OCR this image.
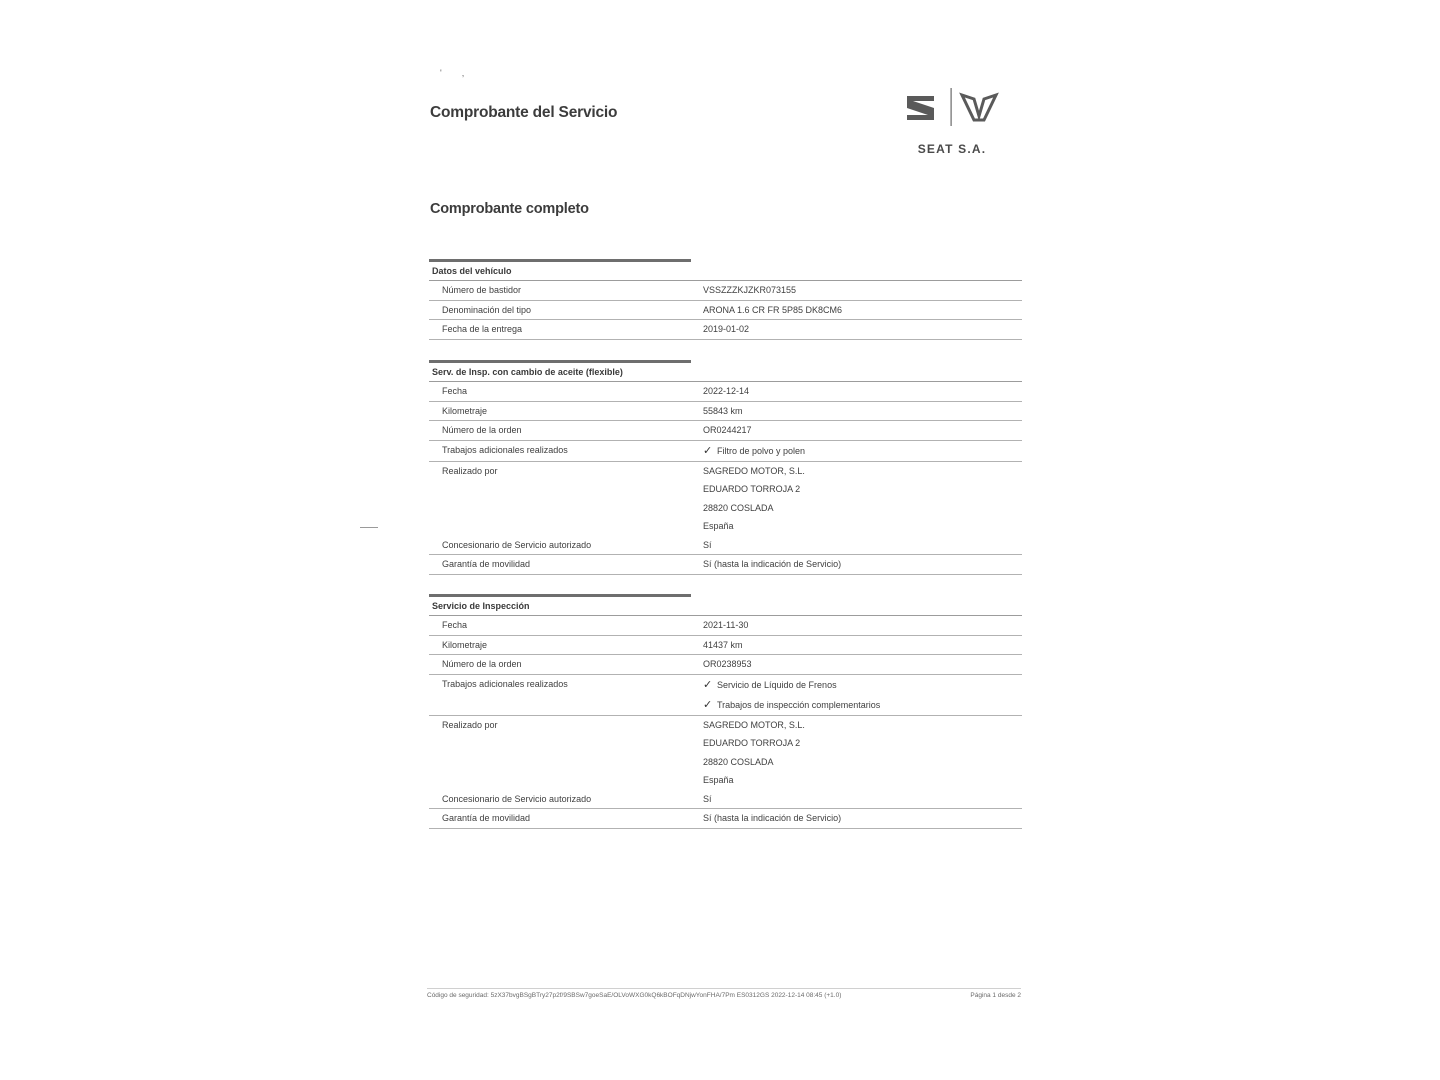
'        ,
Comprobante del Servicio
SEAT S.A.
Comprobante completo
Datos del vehículo
Número de bastidor	VSSZZZKJZKR073155
Denominación del tipo	ARONA 1.6 CR FR 5P85 DK8CM6
Fecha de la entrega	2019-01-02
Serv. de Insp. con cambio de aceite (flexible)
Fecha	2022-12-14
Kilometraje	55843 km
Número de la orden	OR0244217
Trabajos adicionales realizados	✓ Filtro de polvo y polen
Realizado por	SAGREDO MOTOR, S.L.
EDUARDO TORROJA 2
28820 COSLADA
España
Concesionario de Servicio autorizado	Sí
Garantía de movilidad	Sí (hasta la indicación de Servicio)
Servicio de Inspección
Fecha	2021-11-30
Kilometraje	41437 km
Número de la orden	OR0238953
Trabajos adicionales realizados	✓ Servicio de Líquido de Frenos
✓ Trabajos de inspección complementarios
Realizado por	SAGREDO MOTOR, S.L.
EDUARDO TORROJA 2
28820 COSLADA
España
Concesionario de Servicio autorizado	Sí
Garantía de movilidad	Sí (hasta la indicación de Servicio)
Código de seguridad: 5zX37bvgBSgBTry27p2f/9SBSw7goeSaE/OLVoWXG0kQ6kBOFqDNjwYonFHA/7Pm ES0312GS 2022-12-14 08:45 (+1.0)	Página 1 desde 2
